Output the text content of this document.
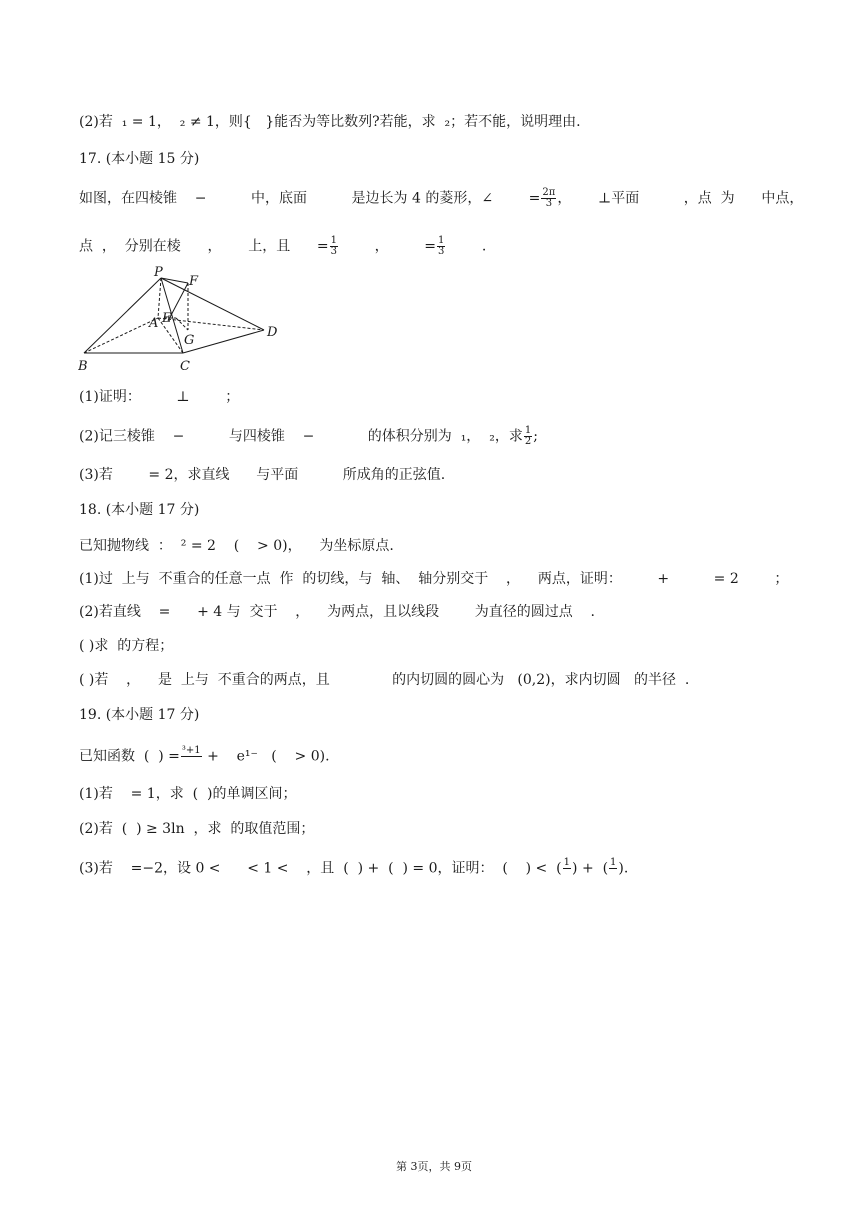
(2)若  ₁ = 1，  ₂ ≠ 1，则{   }能否为等比数列?若能，求  ₂；若不能，说明理由.
17. (本小题 15 分)
如图，在四棱锥    −          中，底面          是边长为 4 的菱形，∠        = $\frac{2\pi}{3}$ ，      ⊥平面          ，点  为      中点，
点  ，  分别在棱      ，      上，且      = $\frac{1}{3}$ ，        = $\frac{1}{3}$ .
P
F
A E
G
D
B	C
(1)证明：        ⊥        ；
(2)记三棱锥    −          与四棱锥    −            的体积分别为  ₁，  ₂，求 $\frac{1}{2}$ ;
(3)若        = 2，求直线      与平面          所成角的正弦值.
18. (本小题 17 分)
已知抛物线  ：  ² = 2    (    > 0)，    为坐标原点.
(1)过  上与  不重合的任意一点  作  的切线，与  轴、  轴分别交于    ，    两点，证明：        +          = 2        ；
(2)若直线    =      + 4 与  交于    ，    为两点，且以线段        为直径的圆过点    .
( )求  的方程；
( )若    ，    是  上与  不重合的两点，且              的内切圆的圆心为   (0,2)，求内切圆   的半径  .
19. (本小题 17 分)
已知函数  (  ) = ³+1
+    e¹⁻   (    > 0).
(1)若    = 1，求  (  )的单调区间；
(2)若  (  ) ≥ 3ln  ，求  的取值范围；
(3)若    =−2，设 0 <      < 1 <    ，且  (  ) +  (  ) = 0，证明：  (    ) <  ( 1
) +  ( 1
).
第 3页，共 9页
